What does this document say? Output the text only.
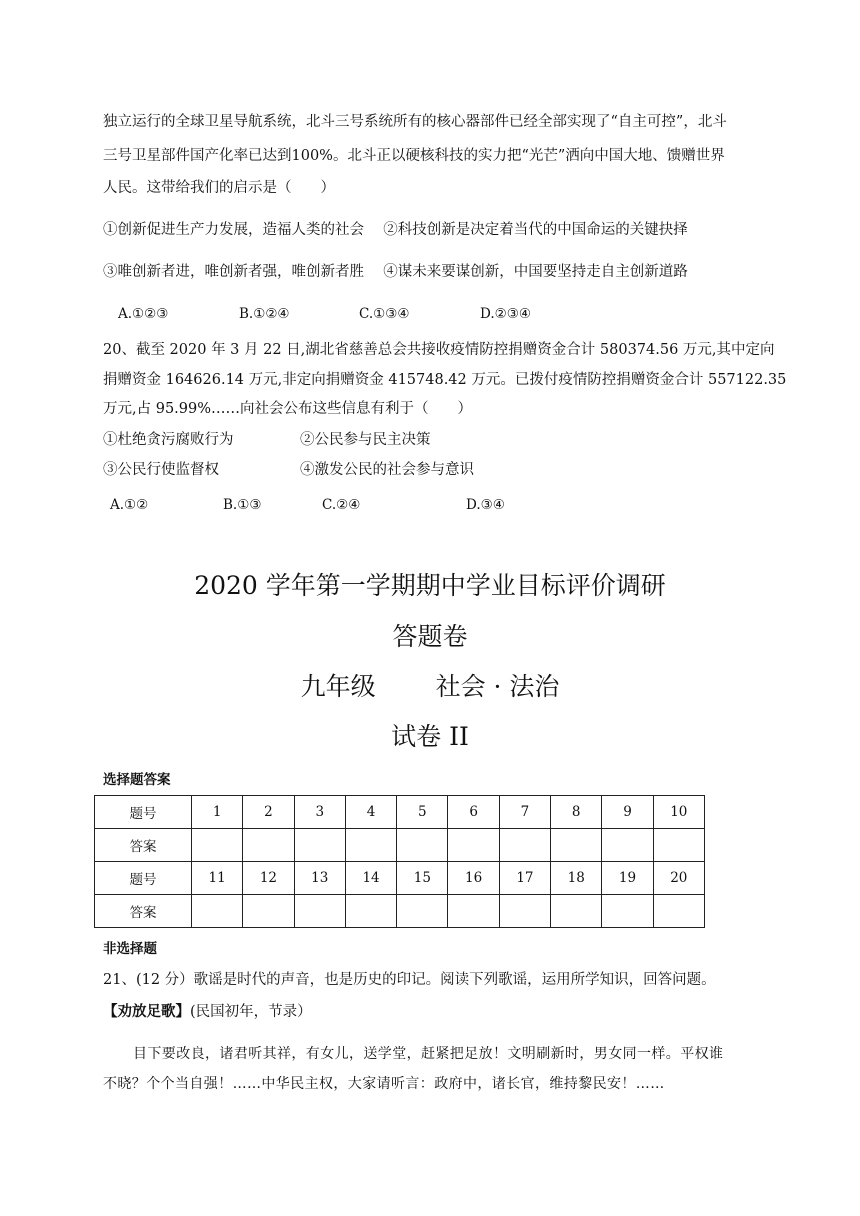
独立运行的全球卫星导航系统，北斗三号系统所有的核心器部件已经全部实现了“自主可控”，北斗
三号卫星部件国产化率已达到100%。北斗正以硬核科技的实力把“光芒”洒向中国大地、馈赠世界
人民。这带给我们的启示是（　　）
①创新促进生产力发展，造福人类的社会 ②科技创新是决定着当代的中国命运的关键抉择
③唯创新者进，唯创新者强，唯创新者胜 ④谋未来要谋创新，中国要坚持走自主创新道路
A.①②③	B.①②④	C.①③④	D.②③④
20、截至 2020 年 3 月 22 日,湖北省慈善总会共接收疫情防控捐赠资金合计 580374.56 万元,其中定向
捐赠资金 164626.14 万元,非定向捐赠资金 415748.42 万元。已拨付疫情防控捐赠资金合计 557122.35
万元,占 95.99%……向社会公布这些信息有利于（　　）
①杜绝贪污腐败行为	②公民参与民主决策
③公民行使监督权	④激发公民的社会参与意识
A.①②	B.①③	C.②④	D.③④
2020 学年第一学期期中学业目标评价调研
答题卷
九年级 社会 · 法治
试卷 II
选择题答案
题号	1	2	3	4	5	6	7	8	9	10
答案										
题号	11	12	13	14	15	16	17	18	19	20
答案										
非选择题
21、(12 分）歌谣是时代的声音，也是历史的印记。阅读下列歌谣，运用所学知识，回答问题。
【劝放足歌】(民国初年，节录）
目下要改良，诸君听其祥，有女儿，送学堂，赶紧把足放！文明刷新时，男女同一样。平权谁
不晓？个个当自强！……中华民主权，大家请听言：政府中，诸长官，维持黎民安！……
